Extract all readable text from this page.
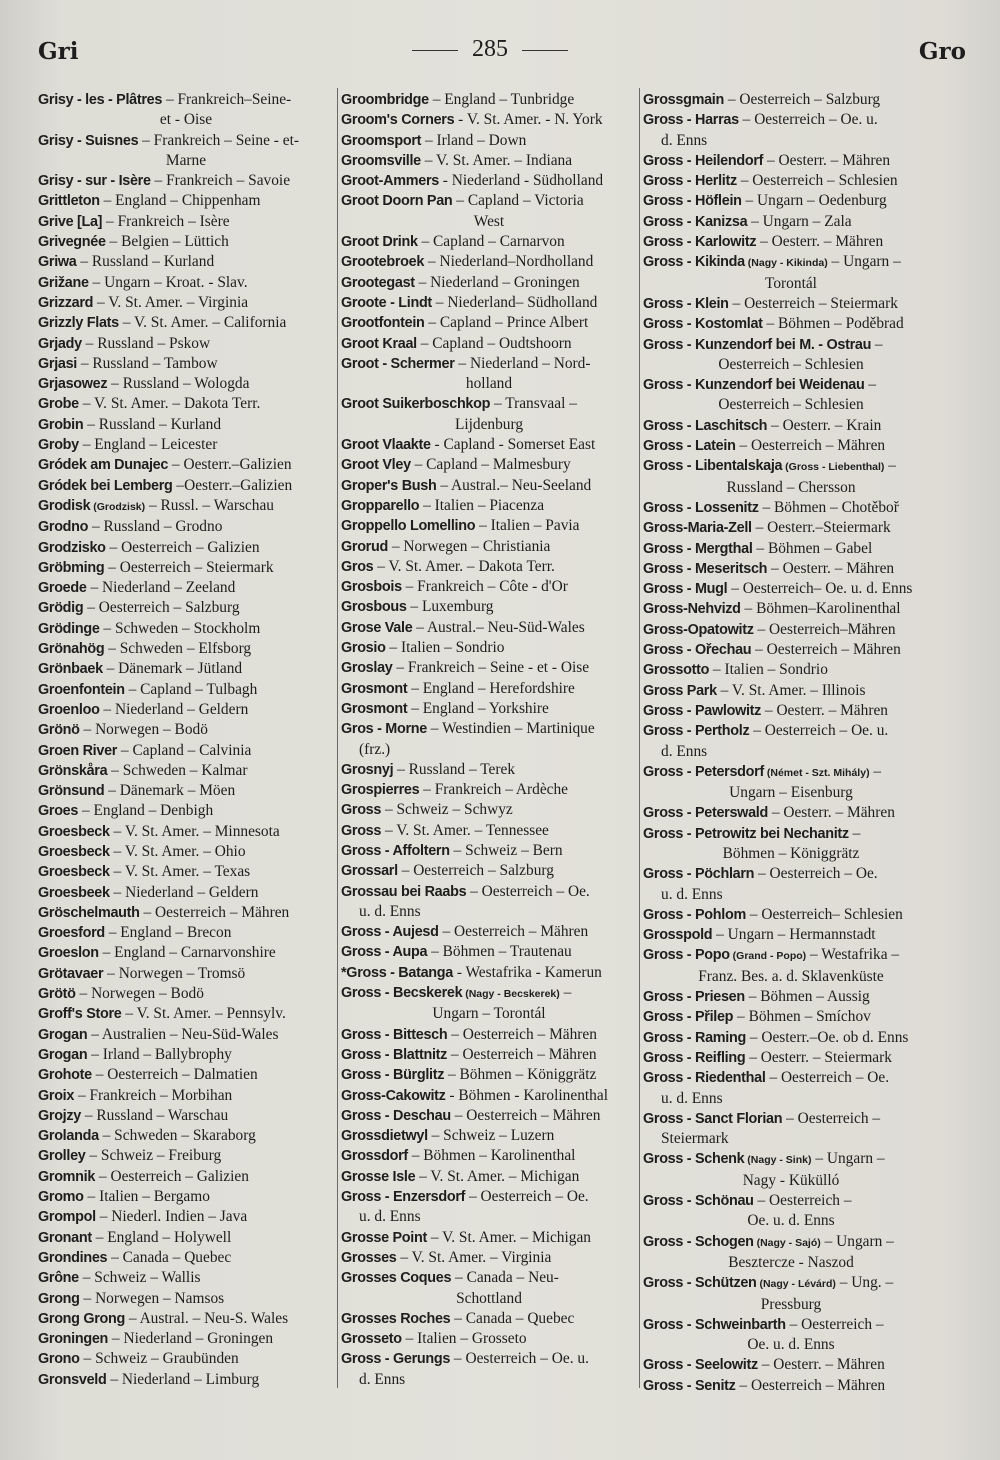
Gri	285	Gro
Grisy - les - Plâtres – Frankreich–Seine-
et - Oise
Grisy - Suisnes – Frankreich – Seine - et-
Marne
Grisy - sur - Isère – Frankreich – Savoie
Grittleton – England – Chippenham
Grive [La] – Frankreich – Isère
Grivegnée – Belgien – Lüttich
Griwa – Russland – Kurland
Grižane – Ungarn – Kroat. - Slav.
Grizzard – V. St. Amer. – Virginia
Grizzly Flats – V. St. Amer. – California
Grjady – Russland – Pskow
Grjasi – Russland – Tambow
Grjasowez – Russland – Wologda
Grobe – V. St. Amer. – Dakota Terr.
Grobin – Russland – Kurland
Groby – England – Leicester
Gródek am Dunajec – Oesterr.–Galizien
Gródek bei Lemberg –Oesterr.–Galizien
Grodisk (Grodzisk) – Russl. – Warschau
Grodno – Russland – Grodno
Grodzisko – Oesterreich – Galizien
Gröbming – Oesterreich – Steiermark
Groede – Niederland – Zeeland
Grödig – Oesterreich – Salzburg
Grödinge – Schweden – Stockholm
Grönahög – Schweden – Elfsborg
Grönbaek – Dänemark – Jütland
Groenfontein – Capland – Tulbagh
Groenloo – Niederland – Geldern
Grönö – Norwegen – Bodö
Groen River – Capland – Calvinia
Grönskåra – Schweden – Kalmar
Grönsund – Dänemark – Möen
Groes – England – Denbigh
Groesbeck – V. St. Amer. – Minnesota
Groesbeck – V. St. Amer. – Ohio
Groesbeck – V. St. Amer. – Texas
Groesbeek – Niederland – Geldern
Gröschelmauth – Oesterreich – Mähren
Groesford – England – Brecon
Groeslon – England – Carnarvonshire
Grötavaer – Norwegen – Tromsö
Grötö – Norwegen – Bodö
Groff's Store – V. St. Amer. – Pennsylv.
Grogan – Australien – Neu-Süd-Wales
Grogan – Irland – Ballybrophy
Grohote – Oesterreich – Dalmatien
Groix – Frankreich – Morbihan
Grojzy – Russland – Warschau
Grolanda – Schweden – Skaraborg
Grolley – Schweiz – Freiburg
Gromnik – Oesterreich – Galizien
Gromo – Italien – Bergamo
Grompol – Niederl. Indien – Java
Gronant – England – Holywell
Grondines – Canada – Quebec
Grône – Schweiz – Wallis
Grong – Norwegen – Namsos
Grong Grong – Austral. – Neu-S. Wales
Groningen – Niederland – Groningen
Grono – Schweiz – Graubünden
Gronsveld – Niederland – Limburg
Groombridge – England – Tunbridge
Groom's Corners - V. St. Amer. - N. York
Groomsport – Irland – Down
Groomsville – V. St. Amer. – Indiana
Groot-Ammers - Niederland - Südholland
Groot Doorn Pan – Capland – Victoria
West
Groot Drink – Capland – Carnarvon
Grootebroek – Niederland–Nordholland
Grootegast – Niederland – Groningen
Groote - Lindt – Niederland– Südholland
Grootfontein – Capland – Prince Albert
Groot Kraal – Capland – Oudtshoorn
Groot - Schermer – Niederland – Nord-
holland
Groot Suikerboschkop – Transvaal –
Lijdenburg
Groot Vlaakte - Capland - Somerset East
Groot Vley – Capland – Malmesbury
Groper's Bush – Austral.– Neu-Seeland
Gropparello – Italien – Piacenza
Groppello Lomellino – Italien – Pavia
Grorud – Norwegen – Christiania
Gros – V. St. Amer. – Dakota Terr.
Grosbois – Frankreich – Côte - d'Or
Grosbous – Luxemburg
Grose Vale – Austral.– Neu-Süd-Wales
Grosio – Italien – Sondrio
Groslay – Frankreich – Seine - et - Oise
Grosmont – England – Herefordshire
Grosmont – England – Yorkshire
Gros - Morne – Westindien – Martinique
(frz.)
Grosnyj – Russland – Terek
Grospierres – Frankreich – Ardèche
Gross – Schweiz – Schwyz
Gross – V. St. Amer. – Tennessee
Gross - Affoltern – Schweiz – Bern
Grossarl – Oesterreich – Salzburg
Grossau bei Raabs – Oesterreich – Oe.
u. d. Enns
Gross - Aujesd – Oesterreich – Mähren
Gross - Aupa – Böhmen – Trautenau
*Gross - Batanga - Westafrika - Kamerun
Gross - Becskerek (Nagy - Becskerek) –
Ungarn – Torontál
Gross - Bittesch – Oesterreich – Mähren
Gross - Blattnitz – Oesterreich – Mähren
Gross - Bürglitz – Böhmen – Königgrätz
Gross-Cakowitz - Böhmen - Karolinenthal
Gross - Deschau – Oesterreich – Mähren
Grossdietwyl – Schweiz – Luzern
Grossdorf – Böhmen – Karolinenthal
Grosse Isle – V. St. Amer. – Michigan
Gross - Enzersdorf – Oesterreich – Oe.
u. d. Enns
Grosse Point – V. St. Amer. – Michigan
Grosses – V. St. Amer. – Virginia
Grosses Coques – Canada – Neu-
Schottland
Grosses Roches – Canada – Quebec
Grosseto – Italien – Grosseto
Gross - Gerungs – Oesterreich – Oe. u.
d. Enns
Grossgmain – Oesterreich – Salzburg
Gross - Harras – Oesterreich – Oe. u.
d. Enns
Gross - Heilendorf – Oesterr. – Mähren
Gross - Herlitz – Oesterreich – Schlesien
Gross - Höflein – Ungarn – Oedenburg
Gross - Kanizsa – Ungarn – Zala
Gross - Karlowitz – Oesterr. – Mähren
Gross - Kikinda (Nagy - Kikinda) – Ungarn –
Torontál
Gross - Klein – Oesterreich – Steiermark
Gross - Kostomlat – Böhmen – Poděbrad
Gross - Kunzendorf bei M. - Ostrau –
Oesterreich – Schlesien
Gross - Kunzendorf bei Weidenau –
Oesterreich – Schlesien
Gross - Laschitsch – Oesterr. – Krain
Gross - Latein – Oesterreich – Mähren
Gross - Libentalskaja (Gross - Liebenthal) –
Russland – Chersson
Gross - Lossenitz – Böhmen – Chotěboř
Gross-Maria-Zell – Oesterr.–Steiermark
Gross - Mergthal – Böhmen – Gabel
Gross - Meseritsch – Oesterr. – Mähren
Gross - Mugl – Oesterreich– Oe. u. d. Enns
Gross-Nehvizd – Böhmen–Karolinenthal
Gross-Opatowitz – Oesterreich–Mähren
Gross - Ořechau – Oesterreich – Mähren
Grossotto – Italien – Sondrio
Gross Park – V. St. Amer. – Illinois
Gross - Pawlowitz – Oesterr. – Mähren
Gross - Pertholz – Oesterreich – Oe. u.
d. Enns
Gross - Petersdorf (Német - Szt. Mihály) –
Ungarn – Eisenburg
Gross - Peterswald – Oesterr. – Mähren
Gross - Petrowitz bei Nechanitz –
Böhmen – Königgrätz
Gross - Pöchlarn – Oesterreich – Oe.
u. d. Enns
Gross - Pohlom – Oesterreich– Schlesien
Grosspold – Ungarn – Hermannstadt
Gross - Popo (Grand - Popo) – Westafrika –
Franz. Bes. a. d. Sklavenküste
Gross - Priesen – Böhmen – Aussig
Gross - Přilep – Böhmen – Smíchov
Gross - Raming – Oesterr.–Oe. ob d. Enns
Gross - Reifling – Oesterr. – Steiermark
Gross - Riedenthal – Oesterreich – Oe.
u. d. Enns
Gross - Sanct Florian – Oesterreich –
Steiermark
Gross - Schenk (Nagy - Sink) – Ungarn –
Nagy - Kükülló
Gross - Schönau – Oesterreich –
Oe. u. d. Enns
Gross - Schogen (Nagy - Sajó) – Ungarn –
Besztercze - Naszod
Gross - Schützen (Nagy - Lévárd) – Ung. –
Pressburg
Gross - Schweinbarth – Oesterreich –
Oe. u. d. Enns
Gross - Seelowitz – Oesterr. – Mähren
Gross - Senitz – Oesterreich – Mähren
